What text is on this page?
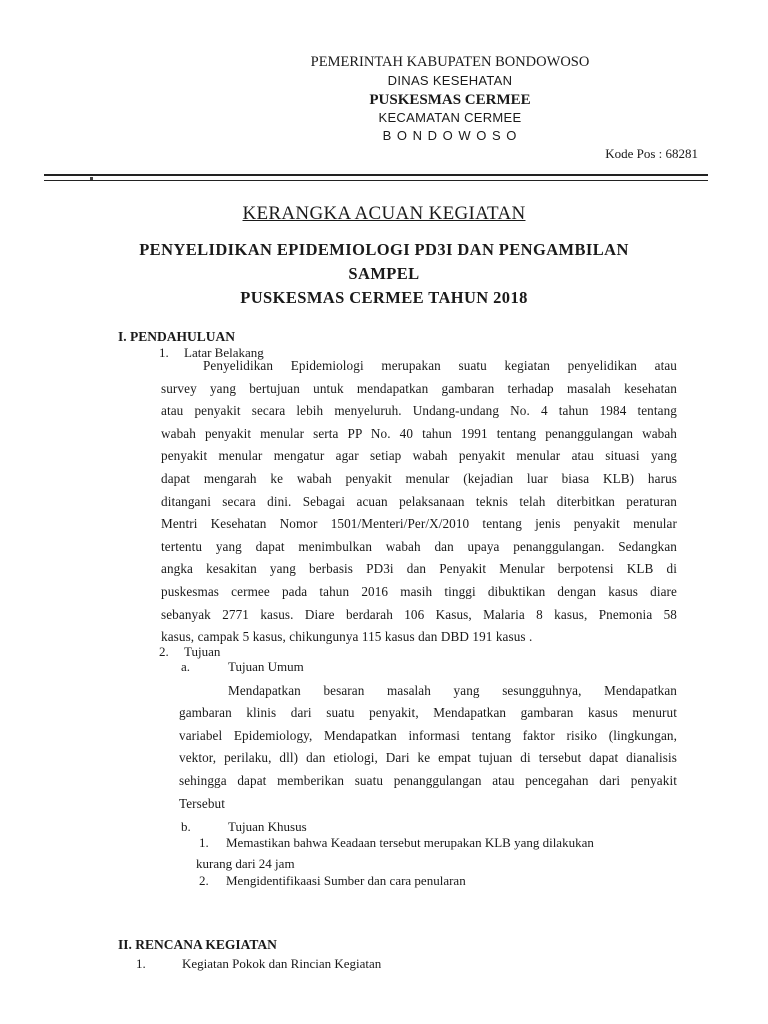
PEMERINTAH KABUPATEN BONDOWOSO
DINAS KESEHATAN
PUSKESMAS CERMEE
KECAMATAN CERMEE
B O N D O W O S O
Kode Pos : 68281
KERANGKA ACUAN KEGIATAN
PENYELIDIKAN EPIDEMIOLOGI PD3I DAN PENGAMBILAN
SAMPEL
PUSKESMAS CERMEE TAHUN 2018
I. PENDAHULUAN
1. Latar Belakang
Penyelidikan Epidemiologi merupakan suatu kegiatan penyelidikan atau
survey yang bertujuan untuk mendapatkan gambaran terhadap masalah kesehatan
atau penyakit secara lebih menyeluruh. Undang-undang No. 4 tahun 1984 tentang
wabah penyakit menular serta PP No. 40 tahun 1991 tentang penanggulangan wabah
penyakit menular mengatur agar setiap wabah penyakit menular atau situasi yang
dapat mengarah ke wabah penyakit menular (kejadian luar biasa KLB) harus
ditangani secara dini. Sebagai acuan pelaksanaan teknis telah diterbitkan peraturan
Mentri Kesehatan Nomor 1501/Menteri/Per/X/2010 tentang jenis penyakit menular
tertentu yang dapat menimbulkan wabah dan upaya penanggulangan. Sedangkan
angka kesakitan yang berbasis PD3i dan Penyakit Menular berpotensi KLB di
puskesmas cermee pada tahun 2016 masih tinggi dibuktikan dengan kasus diare
sebanyak 2771 kasus. Diare berdarah 106 Kasus, Malaria 8 kasus, Pnemonia 58
kasus, campak 5 kasus, chikungunya 115 kasus dan DBD 191 kasus .
2. Tujuan
a.	Tujuan Umum
Mendapatkan besaran masalah yang sesungguhnya, Mendapatkan
gambaran klinis dari suatu penyakit, Mendapatkan gambaran kasus menurut
variabel Epidemiology, Mendapatkan informasi tentang faktor risiko (lingkungan,
vektor, perilaku, dll) dan etiologi, Dari ke empat tujuan di tersebut dapat dianalisis
sehingga dapat memberikan suatu penanggulangan atau pencegahan dari penyakit
Tersebut
b.	Tujuan Khusus
1. Memastikan bahwa Keadaan tersebut merupakan KLB yang dilakukan
kurang dari 24 jam
2. Mengidentifikaasi Sumber dan cara penularan
II. RENCANA KEGIATAN
1.	Kegiatan Pokok dan Rincian Kegiatan
